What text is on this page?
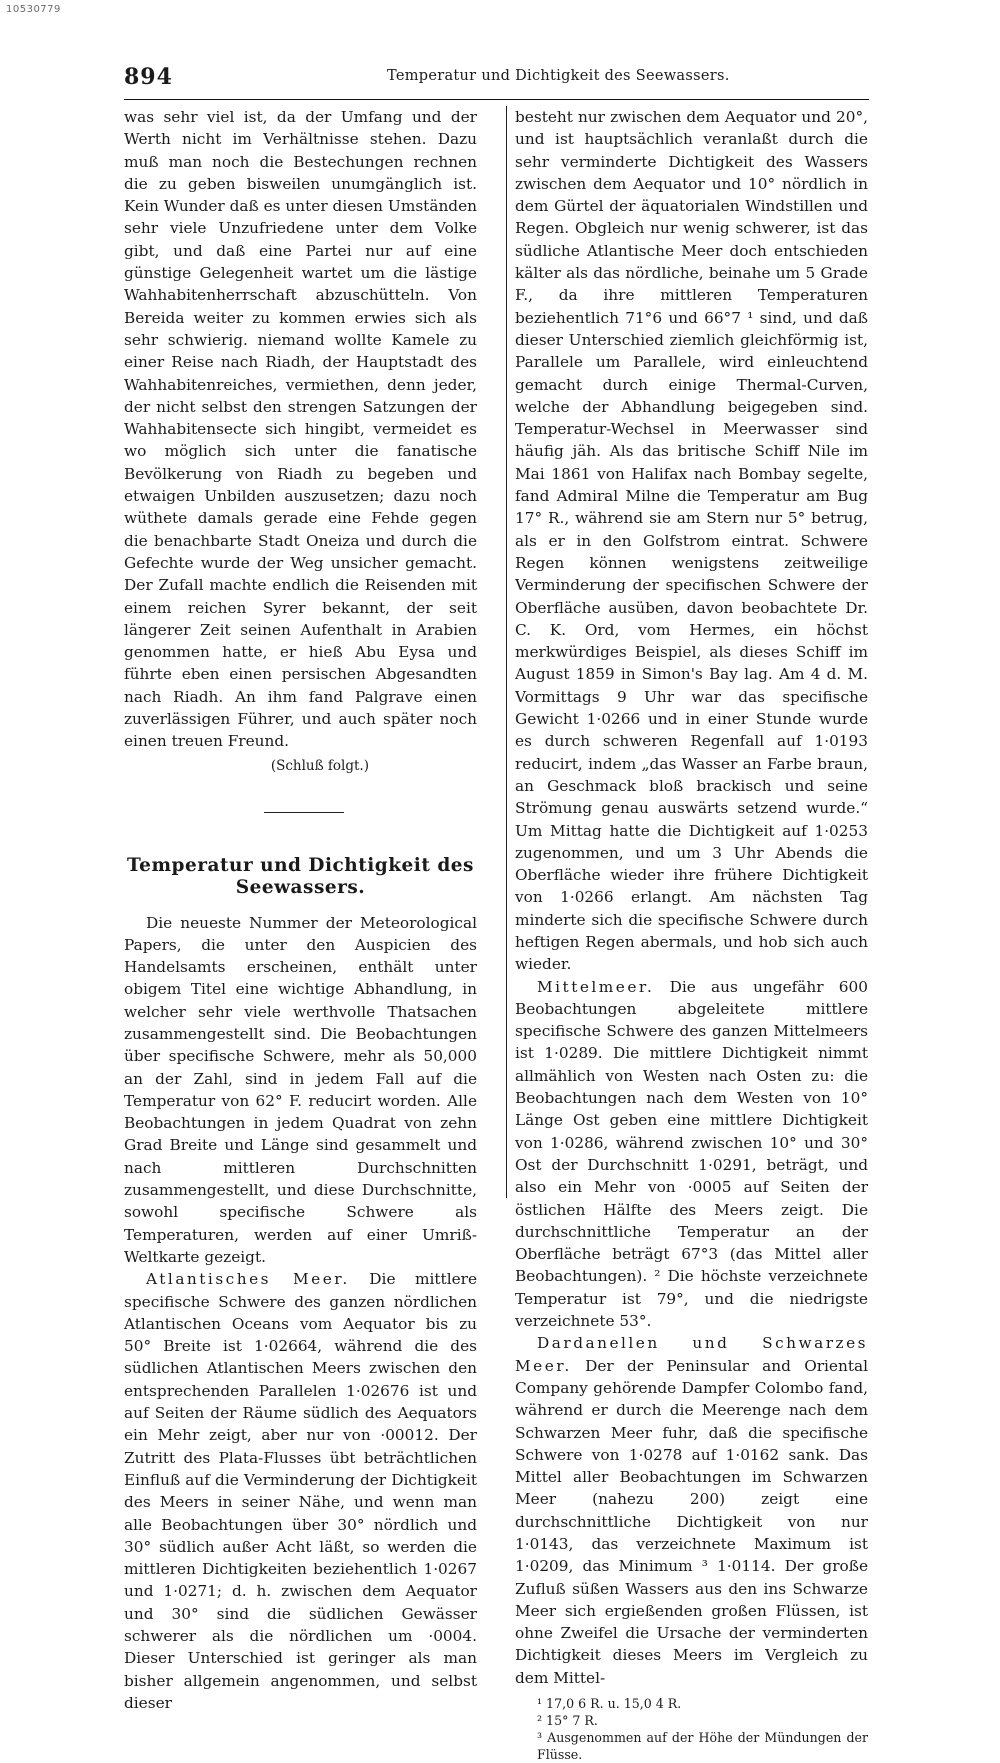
10530779
894	Temperatur und Dichtigkeit des Seewassers.

was sehr viel ist, da der Umfang und der Werth nicht im Verhältnisse stehen. Dazu muß man noch die Bestechungen rechnen die zu geben bisweilen unumgänglich ist. Kein Wunder daß es unter diesen Umständen sehr viele Unzufriedene unter dem Volke gibt, und daß eine Partei nur auf eine günstige Gelegenheit wartet um die lästige Wahhabitenherrschaft abzuschütteln. Von Bereida weiter zu kommen erwies sich als sehr schwierig. niemand wollte Kamele zu einer Reise nach Riadh, der Hauptstadt des Wahhabitenreiches, vermiethen, denn jeder, der nicht selbst den strengen Satzungen der Wahhabitensecte sich hingibt, vermeidet es wo möglich sich unter die fanatische Bevölkerung von Riadh zu begeben und etwaigen Unbilden auszusetzen; dazu noch wüthete damals gerade eine Fehde gegen die benachbarte Stadt Oneiza und durch die Gefechte wurde der Weg unsicher gemacht. Der Zufall machte endlich die Reisenden mit einem reichen Syrer bekannt, der seit längerer Zeit seinen Aufenthalt in Arabien genommen hatte, er hieß Abu Eysa und führte eben einen persischen Abgesandten nach Riadh. An ihm fand Palgrave einen zuverlässigen Führer, und auch später noch einen treuen Freund.

(Schluß folgt.)

Temperatur und Dichtigkeit des Seewassers.

Die neueste Nummer der Meteorological Papers, die unter den Auspicien des Handelsamts erscheinen, enthält unter obigem Titel eine wichtige Abhandlung, in welcher sehr viele werthvolle Thatsachen zusammengestellt sind. Die Beobachtungen über specifische Schwere, mehr als 50,000 an der Zahl, sind in jedem Fall auf die Temperatur von 62° F. reducirt worden. Alle Beobachtungen in jedem Quadrat von zehn Grad Breite und Länge sind gesammelt und nach mittleren Durchschnitten zusammengestellt, und diese Durchschnitte, sowohl specifische Schwere als Temperaturen, werden auf einer Umriß-Weltkarte gezeigt.

Atlantisches Meer. Die mittlere specifische Schwere des ganzen nördlichen Atlantischen Oceans vom Aequator bis zu 50° Breite ist 1·02664, während die des südlichen Atlantischen Meers zwischen den entsprechenden Parallelen 1·02676 ist und auf Seiten der Räume südlich des Aequators ein Mehr zeigt, aber nur von ·00012. Der Zutritt des Plata-Flusses übt beträchtlichen Einfluß auf die Verminderung der Dichtigkeit des Meers in seiner Nähe, und wenn man alle Beobachtungen über 30° nördlich und 30° südlich außer Acht läßt, so werden die mittleren Dichtigkeiten beziehentlich 1·0267 und 1·0271; d. h. zwischen dem Aequator und 30° sind die südlichen Gewässer schwerer als die nördlichen um ·0004. Dieser Unterschied ist geringer als man bisher allgemein angenommen, und selbst dieser

besteht nur zwischen dem Aequator und 20°, und ist hauptsächlich veranlaßt durch die sehr verminderte Dichtigkeit des Wassers zwischen dem Aequator und 10° nördlich in dem Gürtel der äquatorialen Windstillen und Regen. Obgleich nur wenig schwerer, ist das südliche Atlantische Meer doch entschieden kälter als das nördliche, beinahe um 5 Grade F., da ihre mittleren Temperaturen beziehentlich 71°6 und 66°7 ¹ sind, und daß dieser Unterschied ziemlich gleichförmig ist, Parallele um Parallele, wird einleuchtend gemacht durch einige Thermal-Curven, welche der Abhandlung beigegeben sind. Temperatur-Wechsel in Meerwasser sind häufig jäh. Als das britische Schiff Nile im Mai 1861 von Halifax nach Bombay segelte, fand Admiral Milne die Temperatur am Bug 17° R., während sie am Stern nur 5° betrug, als er in den Golfstrom eintrat. Schwere Regen können wenigstens zeitweilige Verminderung der specifischen Schwere der Oberfläche ausüben, davon beobachtete Dr. C. K. Ord, vom Hermes, ein höchst merkwürdiges Beispiel, als dieses Schiff im August 1859 in Simon's Bay lag. Am 4 d. M. Vormittags 9 Uhr war das specifische Gewicht 1·0266 und in einer Stunde wurde es durch schweren Regenfall auf 1·0193 reducirt, indem „das Wasser an Farbe braun, an Geschmack bloß brackisch und seine Strömung genau auswärts setzend wurde.“ Um Mittag hatte die Dichtigkeit auf 1·0253 zugenommen, und um 3 Uhr Abends die Oberfläche wieder ihre frühere Dichtigkeit von 1·0266 erlangt. Am nächsten Tag minderte sich die specifische Schwere durch heftigen Regen abermals, und hob sich auch wieder.

Mittelmeer. Die aus ungefähr 600 Beobachtungen abgeleitete mittlere specifische Schwere des ganzen Mittelmeers ist 1·0289. Die mittlere Dichtigkeit nimmt allmählich von Westen nach Osten zu: die Beobachtungen nach dem Westen von 10° Länge Ost geben eine mittlere Dichtigkeit von 1·0286, während zwischen 10° und 30° Ost der Durchschnitt 1·0291, beträgt, und also ein Mehr von ·0005 auf Seiten der östlichen Hälfte des Meers zeigt. Die durchschnittliche Temperatur an der Oberfläche beträgt 67°3 (das Mittel aller Beobachtungen). ² Die höchste verzeichnete Temperatur ist 79°, und die niedrigste verzeichnete 53°.

Dardanellen und Schwarzes Meer. Der der Peninsular and Oriental Company gehörende Dampfer Colombo fand, während er durch die Meerenge nach dem Schwarzen Meer fuhr, daß die specifische Schwere von 1·0278 auf 1·0162 sank. Das Mittel aller Beobachtungen im Schwarzen Meer (nahezu 200) zeigt eine durchschnittliche Dichtigkeit von nur 1·0143, das verzeichnete Maximum ist 1·0209, das Minimum ³ 1·0114. Der große Zufluß süßen Wassers aus den ins Schwarze Meer sich ergießenden großen Flüssen, ist ohne Zweifel die Ursache der verminderten Dichtigkeit dieses Meers im Vergleich zu dem Mittel-

¹ 17,0 6 R. u. 15,0 4 R.
² 15° 7 R.
³ Ausgenommen auf der Höhe der Mündungen der Flüsse.
